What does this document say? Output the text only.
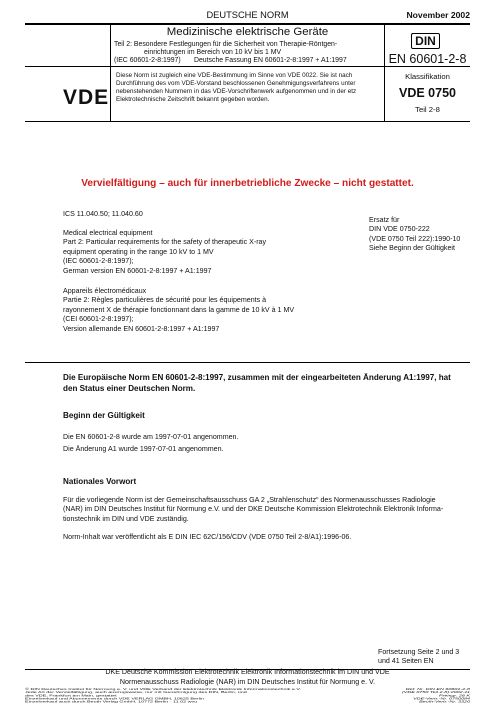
DEUTSCHE NORM	November 2002
Medizinische elektrische Geräte
Teil 2: Besondere Festlegungen für die Sicherheit von Therapie-Röntgen-
einrichtungen im Bereich von 10 kV bis 1 MV
(IEC 60601-2-8:1997) Deutsche Fassung EN 60601-2-8:1997 + A1:1997
DIN
EN 60601-2-8
VDE
Diese Norm ist zugleich eine VDE-Bestimmung im Sinne von VDE 0022. Sie ist nach
Durchführung des vom VDE-Vorstand beschlossenen Genehmigungsverfahrens unter
nebenstehenden Nummern in das VDE-Vorschriftenwerk aufgenommen und in der etz
Elektrotechnische Zeitschrift bekannt gegeben worden.
Klassifikation
VDE 0750
Teil 2-8
Vervielfältigung – auch für innerbetriebliche Zwecke – nicht gestattet.
ICS 11.040.50; 11.040.60
Ersatz für
DIN VDE 0750-222
(VDE 0750 Teil 222):1990-10
Siehe Beginn der Gültigkeit
Medical electrical equipment
Part 2: Particular requirements for the safety of therapeutic X-ray
equipment operating in the range 10 kV to 1 MV
(IEC 60601-2-8:1997);
German version EN 60601-2-8:1997 + A1:1997
Appareils électromédicaux
Partie 2: Règles particulières de sécurité pour les équipements à
rayonnement X de thérapie fonctionnant dans la gamme de 10 kV à 1 MV
(CEI 60601-2-8:1997);
Version allemande EN 60601-2-8:1997 + A1:1997
Die Europäische Norm EN 60601-2-8:1997, zusammen mit der eingearbeiteten Änderung A1:1997, hat
den Status einer Deutschen Norm.
Beginn der Gültigkeit
Die EN 60601-2-8 wurde am 1997-07-01 angenommen.
Die Änderung A1 wurde 1997-07-01 angenommen.
Nationales Vorwort
Für die vorliegende Norm ist der Gemeinschaftsausschuss GA 2 „Strahlenschutz“ des Normenausschusses Radiologie
(NAR) im DIN Deutsches Institut für Normung e.V. und der DKE Deutsche Kommission Elektrotechnik Elektronik Informa-
tionstechnik im DIN und VDE zuständig.
Norm-Inhalt war veröffentlicht als E DIN IEC 62C/156/CDV (VDE 0750 Teil 2-8/A1):1996-06.
Fortsetzung Seite 2 und 3
und 41 Seiten EN
DKE Deutsche Kommission Elektrotechnik Elektronik Informationstechnik im DIN und VDE
Normenausschuss Radiologie (NAR) im DIN Deutsches Institut für Normung e. V.
© DIN Deutsches Institut für Normung e. V. und VDE Verband der Elektrotechnik Elektronik Informationstechnik e.V.
Jede Art der Vervielfältigung, auch auszugsweise, nur mit Genehmigung des DIN, Berlin, und
des VDE, Frankfurt am Main, gestattet
Einzelverkauf und Abonnements durch VDE VERLAG GMBH, 10625 Berlin
Einzelverkauf auch durch Beuth Verlag GmbH, 10772 Berlin · 11.02 wvu
Ref. Nr. DIN EN 60601-2-8
(VDE 0750 Teil 2-8):2002-11
Preisgr. 26 K
VDE-Vertr.-Nr. 0750084
Beuth-Vertr.-Nr. 3320
